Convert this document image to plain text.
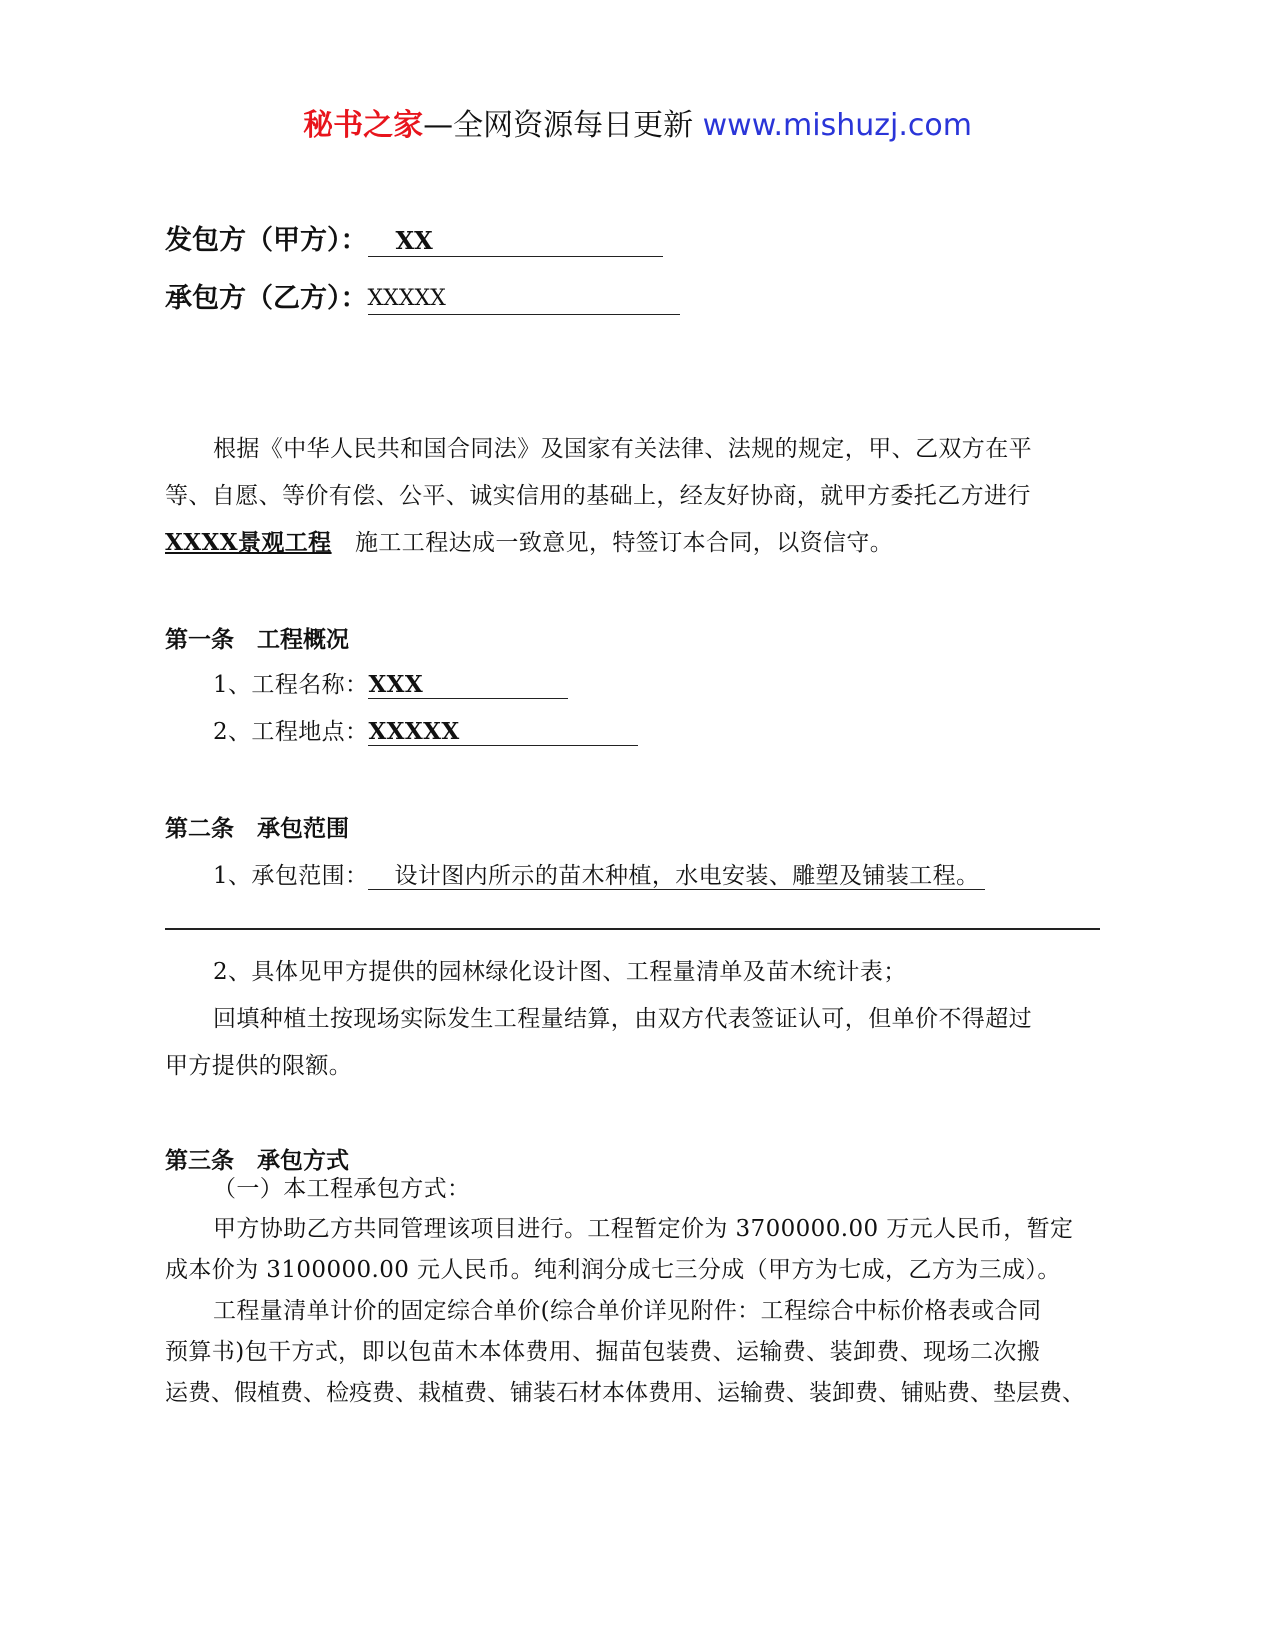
秘书之家—全网资源每日更新 www.mishuzj.com
发包方（甲方）： XX
承包方（乙方）：XXXXX
根据《中华人民共和国合同法》及国家有关法律、法规的规定，甲、乙双方在平
等、自愿、等价有偿、公平、诚实信用的基础上，经友好协商，就甲方委托乙方进行
XXXX景观工程 施工工程达成一致意见，特签订本合同，以资信守。
第一条　工程概况
1、工程名称：XXX
2、工程地点：XXXXX
第二条　承包范围
1、承包范围： 设计图内所示的苗木种植，水电安装、雕塑及铺装工程。
2、具体见甲方提供的园林绿化设计图、工程量清单及苗木统计表；
回填种植土按现场实际发生工程量结算，由双方代表签证认可，但单价不得超过
甲方提供的限额。
第三条　承包方式
（一）本工程承包方式：
甲方协助乙方共同管理该项目进行。工程暂定价为 3700000.00 万元人民币，暂定
成本价为 3100000.00 元人民币。纯利润分成七三分成（甲方为七成，乙方为三成）。
工程量清单计价的固定综合单价(综合单价详见附件：工程综合中标价格表或合同
预算书)包干方式，即以包苗木本体费用、掘苗包装费、运输费、装卸费、现场二次搬
运费、假植费、检疫费、栽植费、铺装石材本体费用、运输费、装卸费、铺贴费、垫层费、
